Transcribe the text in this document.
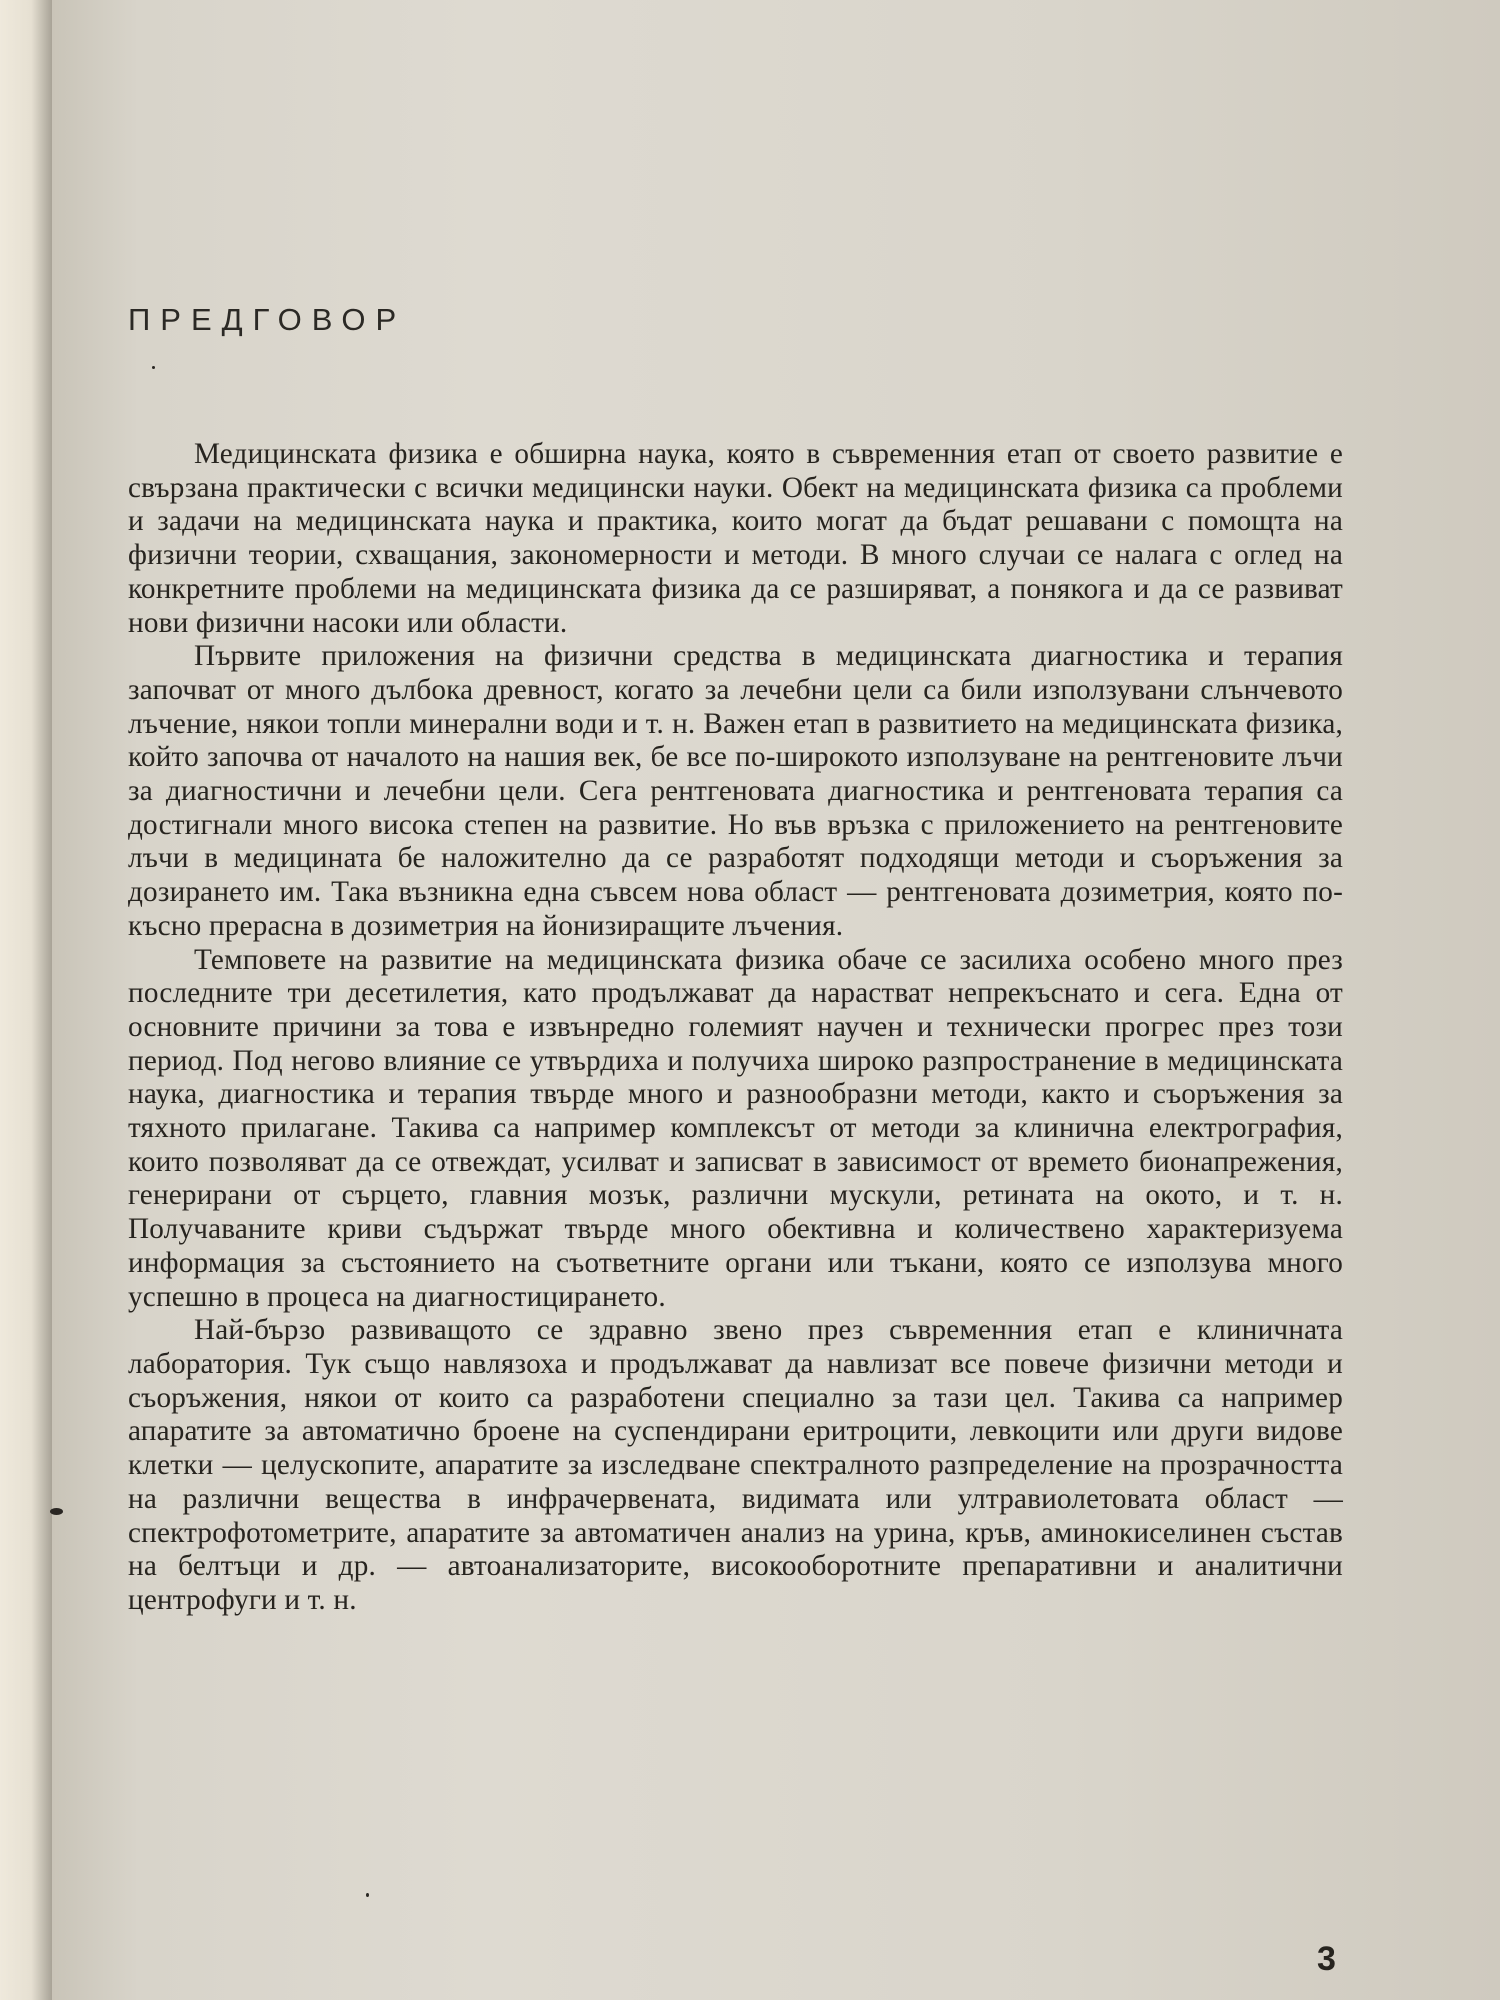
ПРЕДГОВОР

Медицинската физика е обширна наука, която в съвременния етап от своето развитие е свързана практически с всички медицински науки. Обект на медицинската физика са проблеми и задачи на медицинската наука и практика, които могат да бъдат решавани с помощта на физични теории, схващания, закономерности и методи. В много случаи се налага с оглед на конкретните проблеми на медицинската физика да се разширяват, а понякога и да се развиват нови физични насоки или области.

Първите приложения на физични средства в медицинската диагностика и терапия започват от много дълбока древност, когато за лечебни цели са били използувани слънчевото лъчение, някои топли минерални води и т. н. Важен етап в развитието на медицинската физика, който започва от началото на нашия век, бе все по-широкото използуване на рентгеновите лъчи за диагностични и лечебни цели. Сега рентгеновата диагностика и рентгеновата терапия са достигнали много висока степен на развитие. Но във връзка с приложението на рентгеновите лъчи в медицината бе наложително да се разработят подходящи методи и съоръжения за дозирането им. Така възникна една съвсем нова област — рентгеновата дозиметрия, която по-късно прерасна в дозиметрия на йонизиращите лъчения.

Темповете на развитие на медицинската физика обаче се засилиха особено много през последните три десетилетия, като продължават да нарастват непрекъснато и сега. Една от основните причини за това е извънредно големият научен и технически прогрес през този период. Под негово влияние се утвърдиха и получиха широко разпространение в медицинската наука, диагностика и терапия твърде много и разнообразни методи, както и съоръжения за тяхното прилагане. Такива са например комплексът от методи за клинична електрография, които позволяват да се отвеждат, усилват и записват в зависимост от времето бионапрежения, генерирани от сърцето, главния мозък, различни мускули, ретината на окото, и т. н. Получаваните криви съдържат твърде много обективна и количествено характеризуема информация за състоянието на съответните органи или тъкани, която се използува много успешно в процеса на диагностицирането.

Най-бързо развиващото се здравно звено през съвременния етап е клиничната лаборатория. Тук също навлязоха и продължават да навлизат все повече физични методи и съоръжения, някои от които са разработени специално за тази цел. Такива са например апаратите за автоматично броене на суспендирани еритроцити, левкоцити или други видове клетки — целускопите, апаратите за изследване спектралното разпределение на прозрачността на различни вещества в инфрачервената, видимата или ултравиолетовата област — спектрофотометрите, апаратите за автоматичен анализ на урина, кръв, аминокиселинен състав на белтъци и др. — автоанализаторите, високооборотните препаративни и аналитични центрофуги и т. н.

3
